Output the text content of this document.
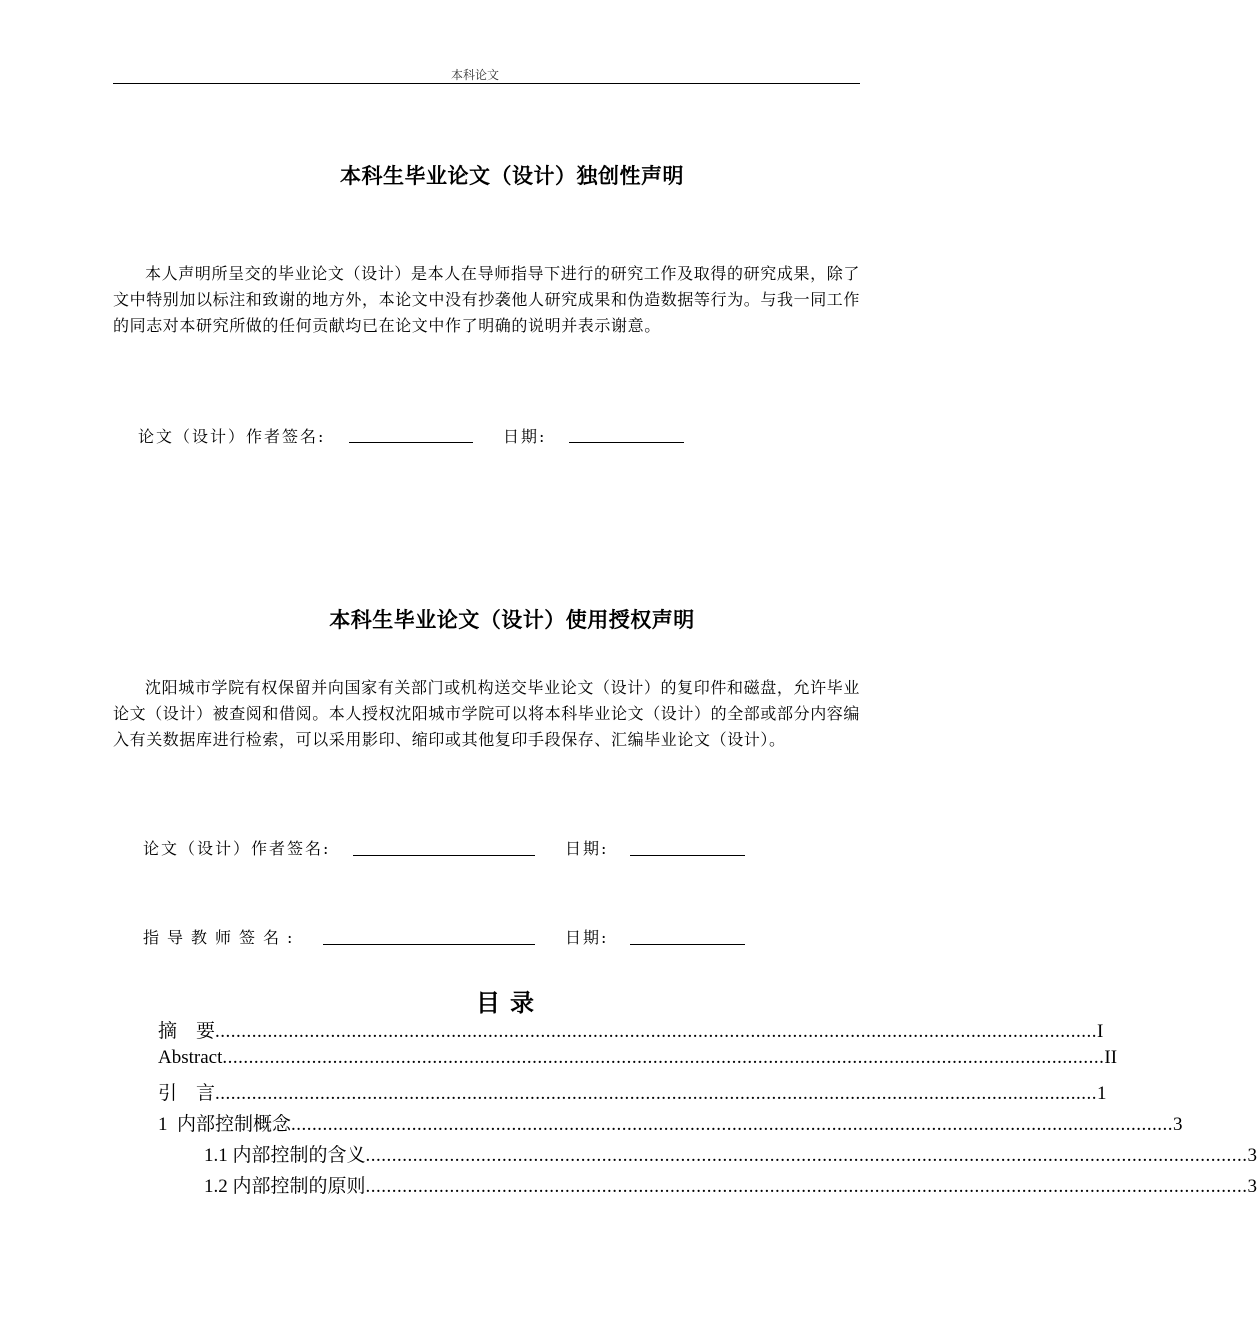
本科论文
本科生毕业论文（设计）独创性声明
本人声明所呈交的毕业论文（设计）是本人在导师指导下进行的研究工作及取得的研究成果，除了文中特别加以标注和致谢的地方外，本论文中没有抄袭他人研究成果和伪造数据等行为。与我一同工作的同志对本研究所做的任何贡献均已在论文中作了明确的说明并表示谢意。
论文（设计）作者签名:	日期:
本科生毕业论文（设计）使用授权声明
沈阳城市学院有权保留并向国家有关部门或机构送交毕业论文（设计）的复印件和磁盘，允许毕业论文（设计）被查阅和借阅。本人授权沈阳城市学院可以将本科毕业论文（设计）的全部或部分内容编入有关数据库进行检索，可以采用影印、缩印或其他复印手段保存、汇编毕业论文（设计）。
论文（设计）作者签名:	日期:
指导教师签名:	日期:
目录
摘　要 ........................................................................................................................................................................ I
Abstract ........................................................................................................................................................................ II
引　言 ........................................................................................................................................................................ 1
1  内部控制概念 ........................................................................................................................................................................ 3
1.1 内部控制的含义 ........................................................................................................................................................................ 3
1.2 内部控制的原则 ........................................................................................................................................................................ 3
